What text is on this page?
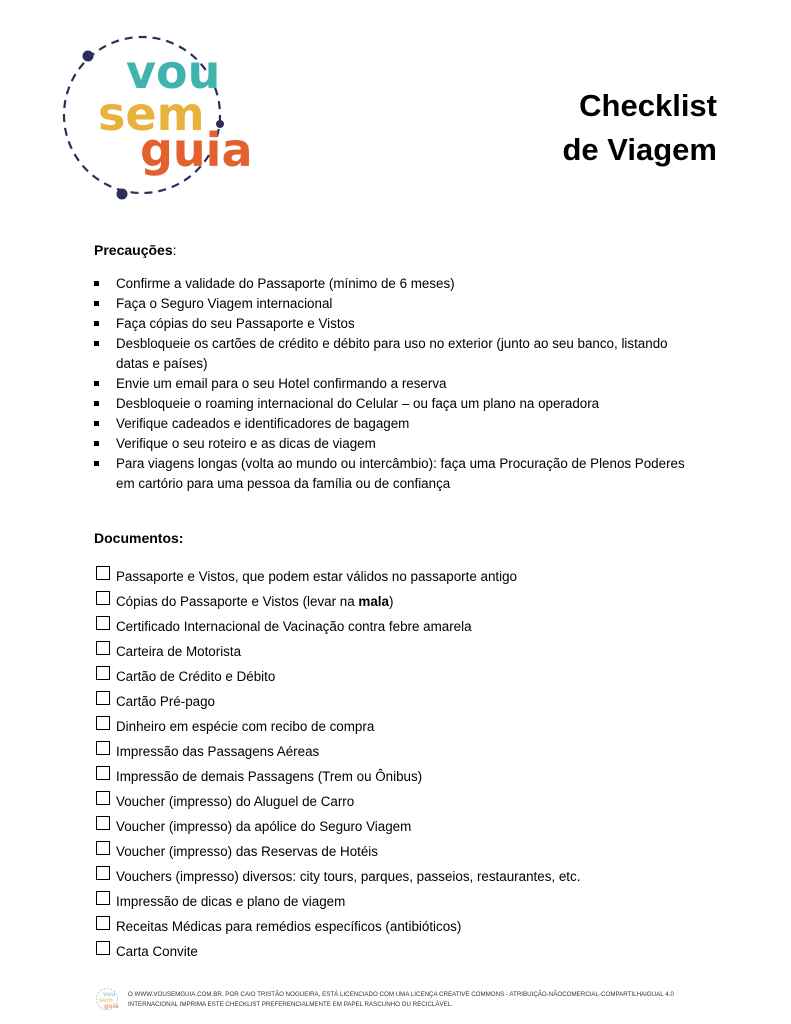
vou
sem
guia
Checklist
de Viagem
Precauções:
Confirme a validade do Passaporte (mínimo de 6 meses)
Faça o Seguro Viagem internacional
Faça cópias do seu Passaporte e Vistos
Desbloqueie os cartões de crédito e débito para uso no exterior (junto ao seu banco, listando datas e países)
Envie um email para o seu Hotel confirmando a reserva
Desbloqueie o roaming internacional do Celular – ou faça um plano na operadora
Verifique cadeados e identificadores de bagagem
Verifique o seu roteiro e as dicas de viagem
Para viagens longas (volta ao mundo ou intercâmbio): faça uma Procuração de Plenos Poderes em cartório para uma pessoa da família ou de confiança
Documentos:
Passaporte e Vistos, que podem estar válidos no passaporte antigo
Cópias do Passaporte e Vistos (levar na mala)
Certificado Internacional de Vacinação contra febre amarela
Carteira de Motorista
Cartão de Crédito e Débito
Cartão Pré-pago
Dinheiro em espécie com recibo de compra
Impressão das Passagens Aéreas
Impressão de demais Passagens (Trem ou Ônibus)
Voucher (impresso) do Aluguel de Carro
Voucher (impresso) da apólice do Seguro Viagem
Voucher (impresso) das Reservas de Hotéis
Vouchers (impresso) diversos: city tours, parques, passeios, restaurantes, etc.
Impressão de dicas e plano de viagem
Receitas Médicas para remédios específicos (antibióticos)
Carta Convite
vou
sem
guia
O WWW.VOUSEMGUIA.COM.BR, POR CAIO TRISTÃO NOGUEIRA, ESTÁ LICENCIADO COM UMA LICENÇA CREATIVE COMMONS - ATRIBUIÇÃO-NÃOCOMERCIAL-COMPARTILHAIGUAL 4.0
INTERNACIONAL IMPRIMA ESTE CHECKLIST PREFERENCIALMENTE EM PAPEL RASCUNHO OU RECICLÁVEL.
